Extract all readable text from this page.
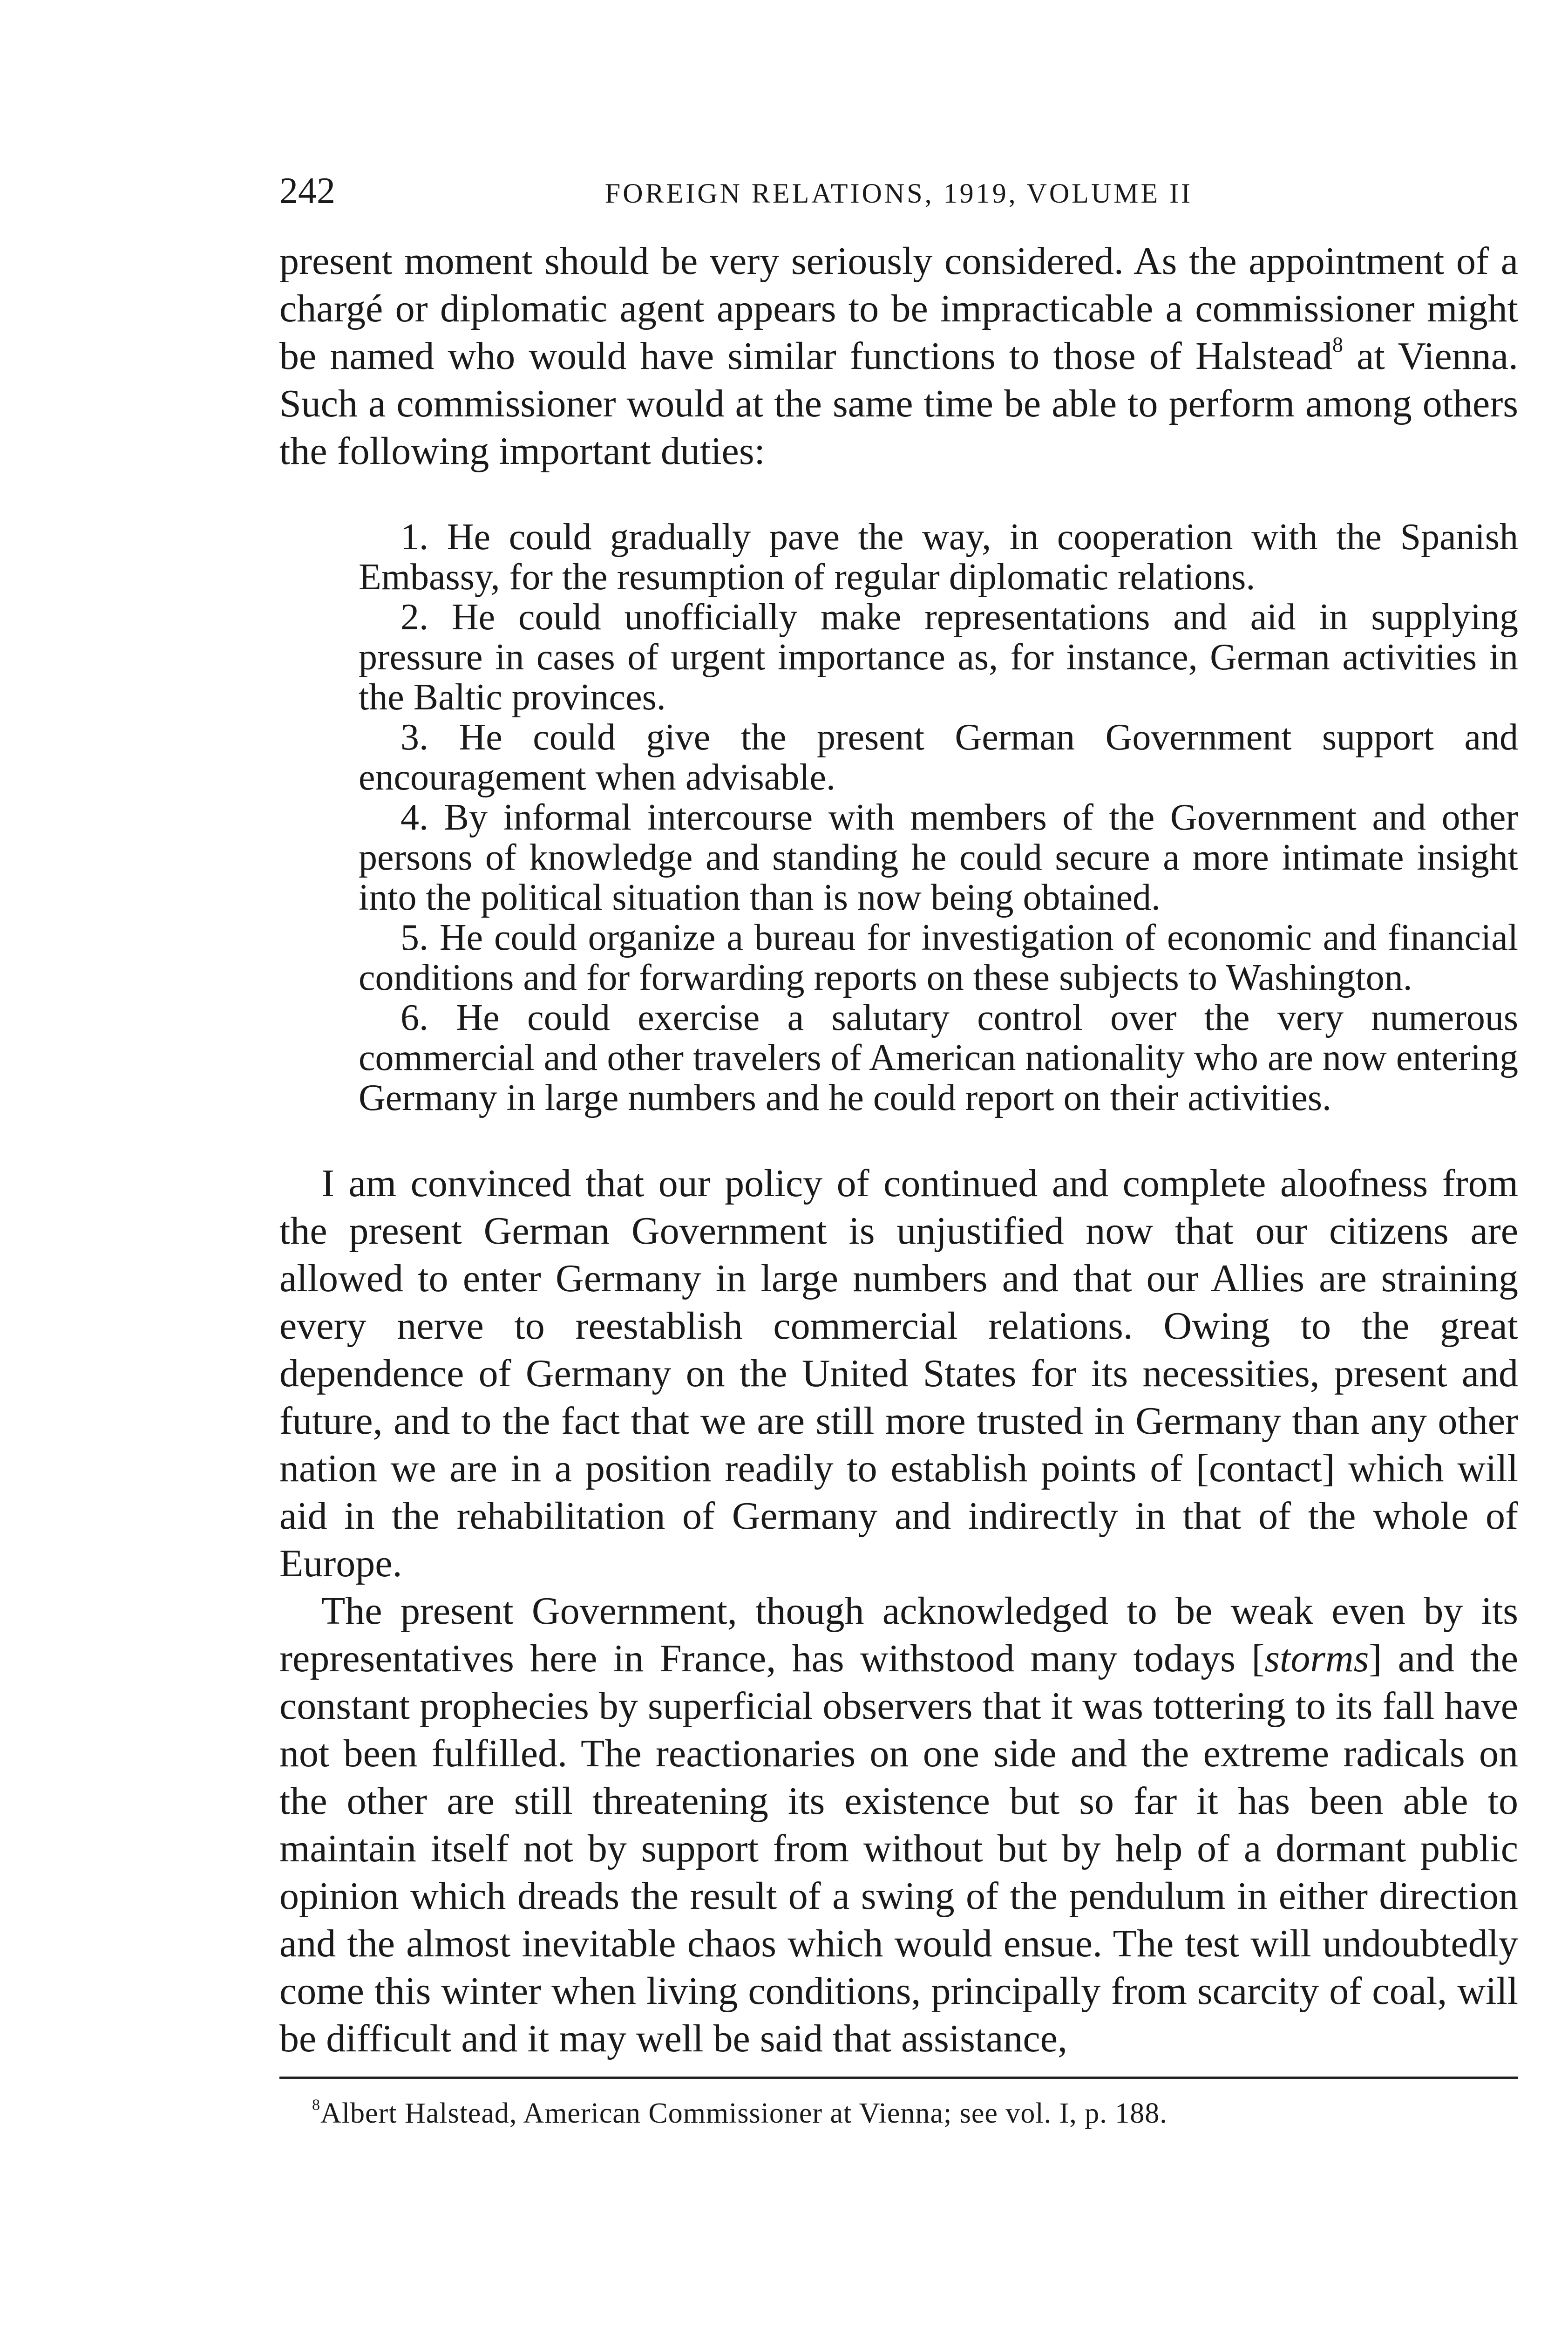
242	FOREIGN RELATIONS, 1919, VOLUME II

present moment should be very seriously considered. As the appointment of a chargé or diplomatic agent appears to be impracticable a commissioner might be named who would have similar functions to those of Halstead$^8$ at Vienna. Such a commissioner would at the same time be able to perform among others the following important duties:

1. He could gradually pave the way, in cooperation with the Spanish Embassy, for the resumption of regular diplomatic relations.

2. He could unofficially make representations and aid in supplying pressure in cases of urgent importance as, for instance, German activities in the Baltic provinces.

3. He could give the present German Government support and encouragement when advisable.

4. By informal intercourse with members of the Government and other persons of knowledge and standing he could secure a more intimate insight into the political situation than is now being obtained.

5. He could organize a bureau for investigation of economic and financial conditions and for forwarding reports on these subjects to Washington.

6. He could exercise a salutary control over the very numerous commercial and other travelers of American nationality who are now entering Germany in large numbers and he could report on their activities.

I am convinced that our policy of continued and complete aloofness from the present German Government is unjustified now that our citizens are allowed to enter Germany in large numbers and that our Allies are straining every nerve to reestablish commercial relations. Owing to the great dependence of Germany on the United States for its necessities, present and future, and to the fact that we are still more trusted in Germany than any other nation we are in a position readily to establish points of [contact] which will aid in the rehabilitation of Germany and indirectly in that of the whole of Europe.

The present Government, though acknowledged to be weak even by its representatives here in France, has withstood many todays [storms] and the constant prophecies by superficial observers that it was tottering to its fall have not been fulfilled. The reactionaries on one side and the extreme radicals on the other are still threatening its existence but so far it has been able to maintain itself not by support from without but by help of a dormant public opinion which dreads the result of a swing of the pendulum in either direction and the almost inevitable chaos which would ensue. The test will undoubtedly come this winter when living conditions, principally from scarcity of coal, will be difficult and it may well be said that assistance,

$^8$Albert Halstead, American Commissioner at Vienna; see vol. I, p. 188.
